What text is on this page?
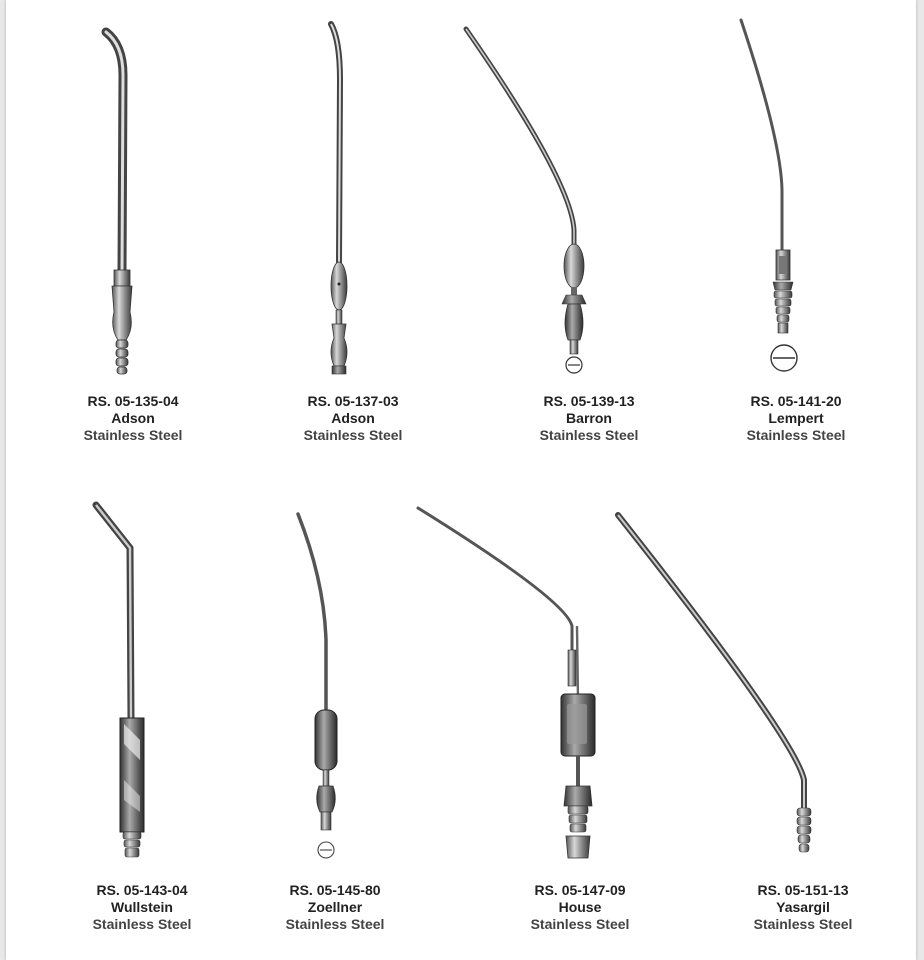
RS. 05-135-04
Adson
Stainless Steel
RS. 05-137-03
Adson
Stainless Steel
RS. 05-139-13
Barron
Stainless Steel
RS. 05-141-20
Lempert
Stainless Steel
RS. 05-143-04
Wullstein
Stainless Steel
RS. 05-145-80
Zoellner
Stainless Steel
RS. 05-147-09
House
Stainless Steel
RS. 05-151-13
Yasargil
Stainless Steel
